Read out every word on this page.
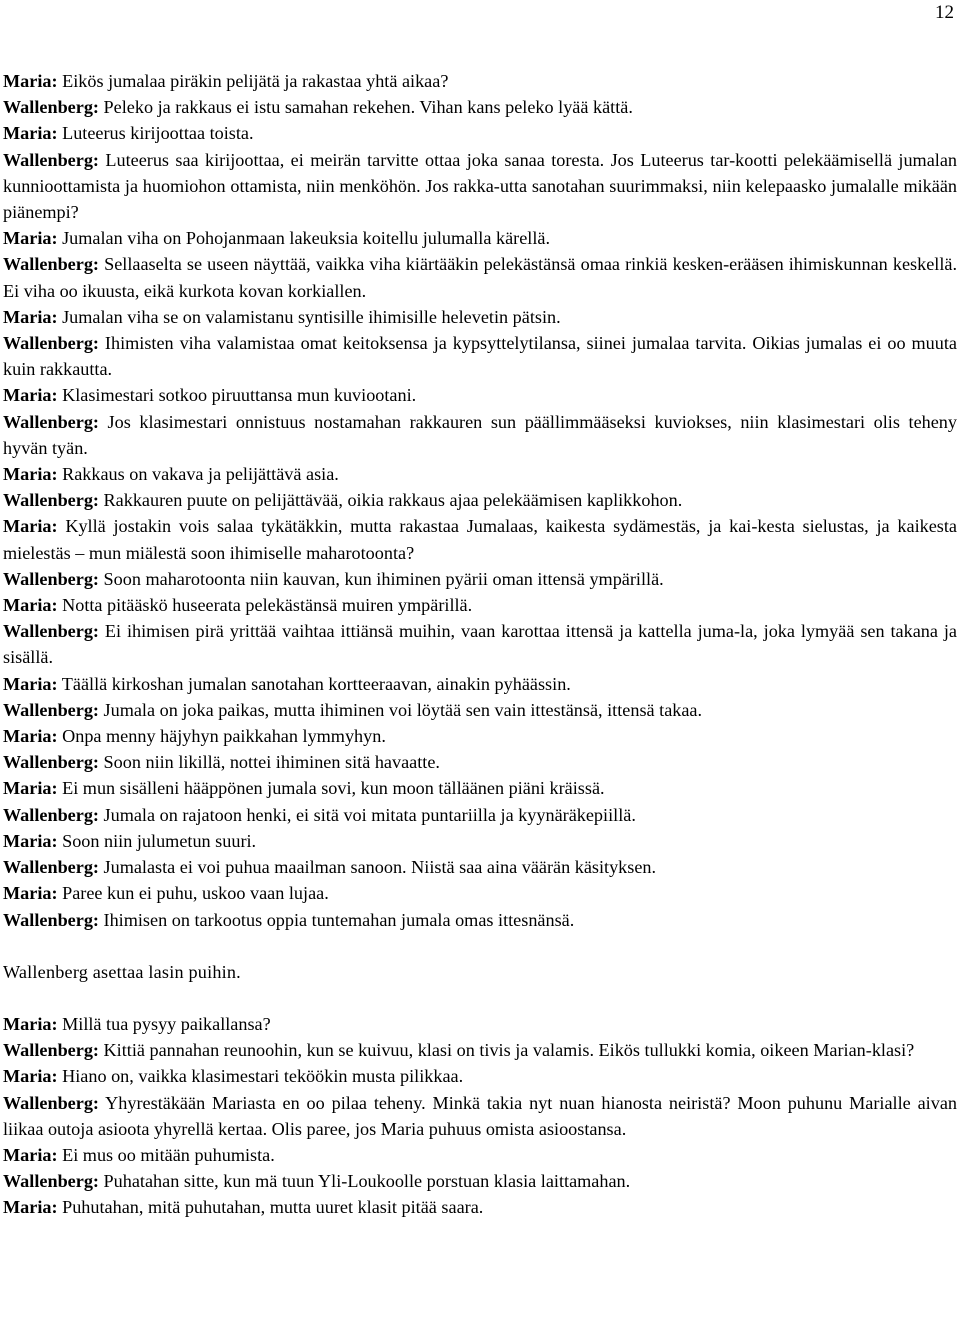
12

Maria: Eikös jumalaa piräkin pelijätä ja rakastaa yhtä aikaa?

Wallenberg: Peleko ja rakkaus ei istu samahan rekehen. Vihan kans peleko lyää kättä.

Maria: Luteerus kirijoottaa toista.

Wallenberg: Luteerus saa kirijoottaa, ei meirän tarvitte ottaa joka sanaa toresta. Jos Luteerus tar-kootti pelekäämisellä jumalan kunnioottamista ja huomiohon ottamista, niin menköhön. Jos rakka-utta sanotahan suurimmaksi, niin kelepaasko jumalalle mikään piänempi?

Maria: Jumalan viha on Pohojanmaan lakeuksia koitellu julumalla kärellä.

Wallenberg: Sellaaselta se useen näyttää, vaikka viha kiärtääkin pelekästänsä omaa rinkiä kesken-erääsen ihimiskunnan keskellä. Ei viha oo ikuusta, eikä kurkota kovan korkiallen.

Maria: Jumalan viha se on valamistanu syntisille ihimisille helevetin pätsin.

Wallenberg: Ihimisten viha valamistaa omat keitoksensa ja kypsyttelytilansa, siinei jumalaa tarvita. Oikias jumalas ei oo muuta kuin rakkautta.

Maria: Klasimestari sotkoo piruuttansa mun kuviootani.

Wallenberg: Jos klasimestari onnistuus nostamahan rakkauren sun päällimmääseksi kuviokses, niin klasimestari olis teheny hyvän tyän.

Maria: Rakkaus on vakava ja pelijättävä asia.

Wallenberg: Rakkauren puute on pelijättävää, oikia rakkaus ajaa pelekäämisen kaplikkohon.

Maria: Kyllä jostakin vois salaa tykätäkkin, mutta rakastaa Jumalaas, kaikesta sydämestäs, ja kai-kesta sielustas, ja kaikesta mielestäs – mun miälestä soon ihimiselle maharotoonta?

Wallenberg: Soon maharotoonta niin kauvan, kun ihiminen pyärii oman ittensä ympärillä.

Maria: Notta pitääskö huseerata pelekästänsä muiren ympärillä.

Wallenberg: Ei ihimisen pirä yrittää vaihtaa ittiänsä muihin, vaan karottaa ittensä ja kattella juma-la, joka lymyää sen takana ja sisällä.

Maria: Täällä kirkoshan jumalan sanotahan kortteeraavan, ainakin pyhäässin.

Wallenberg: Jumala on joka paikas, mutta ihiminen voi löytää sen vain ittestänsä, ittensä takaa.

Maria: Onpa menny häjyhyn paikkahan lymmyhyn.

Wallenberg: Soon niin likillä, nottei ihiminen sitä havaatte.

Maria: Ei mun sisälleni hääppönen jumala sovi, kun moon tälläänen piäni kräissä.

Wallenberg: Jumala on rajatoon henki, ei sitä voi mitata puntariilla ja kyynäräkepiillä.

Maria: Soon niin julumetun suuri.

Wallenberg: Jumalasta ei voi puhua maailman sanoon. Niistä saa aina väärän käsityksen.

Maria: Paree kun ei puhu, uskoo vaan lujaa.

Wallenberg: Ihimisen on tarkootus oppia tuntemahan jumala omas ittesnänsä.

Wallenberg asettaa lasin puihin.

Maria: Millä tua pysyy paikallansa?

Wallenberg: Kittiä pannahan reunoohin, kun se kuivuu, klasi on tivis ja valamis. Eikös tullukki komia, oikeen Marian-klasi?

Maria: Hiano on, vaikka klasimestari teköökin musta pilikkaa.

Wallenberg: Yhyrestäkään Mariasta en oo pilaa teheny. Minkä takia nyt nuan hianosta neiristä? Moon puhunu Marialle aivan liikaa outoja asioota yhyrellä kertaa. Olis paree, jos Maria puhuus omista asioostansa.

Maria: Ei mus oo mitään puhumista.

Wallenberg: Puhatahan sitte, kun mä tuun Yli-Loukoolle porstuan klasia laittamahan.

Maria: Puhutahan, mitä puhutahan, mutta uuret klasit pitää saara.
